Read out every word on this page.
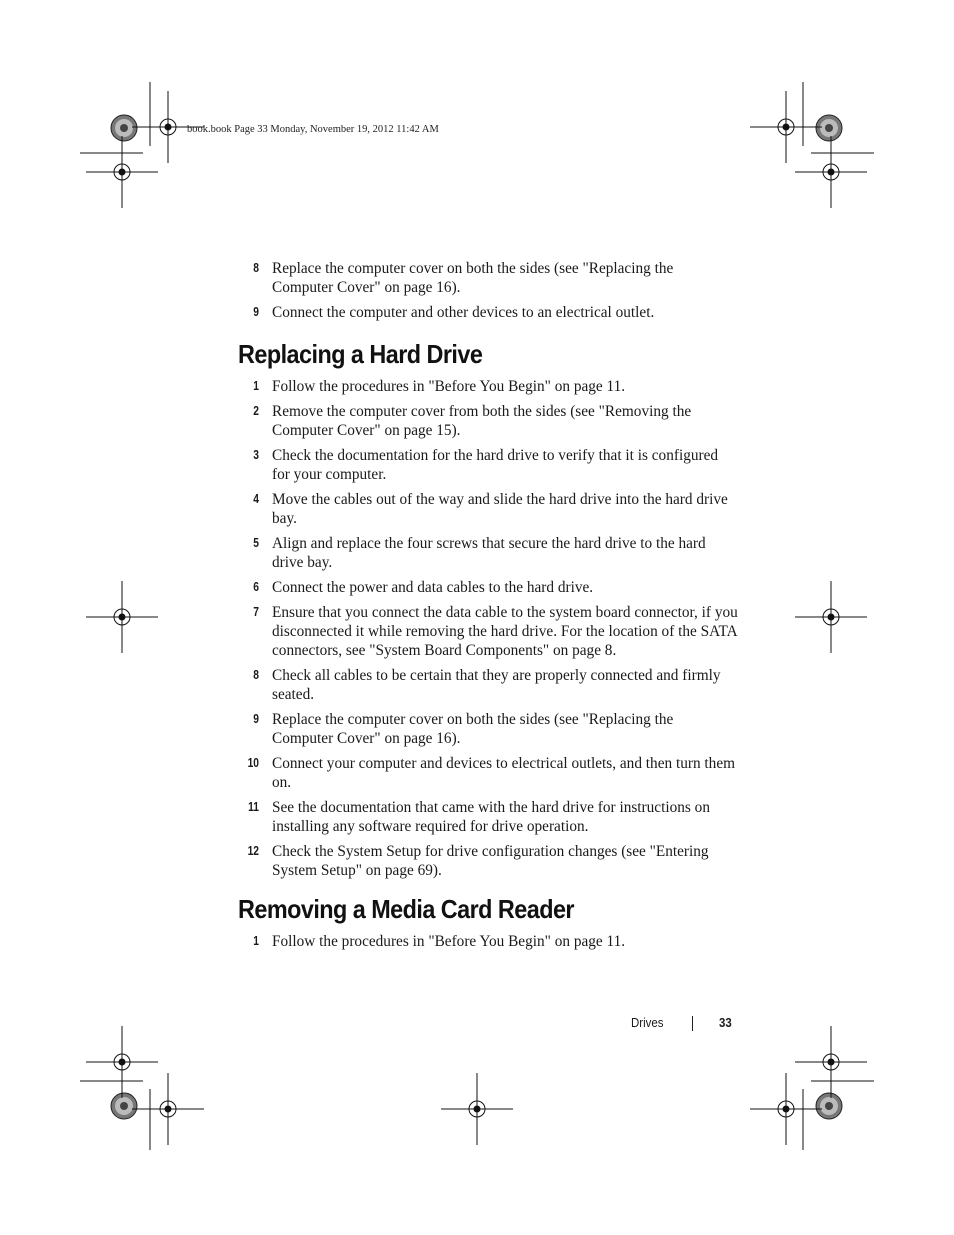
book.book Page 33 Monday, November 19, 2012 11:42 AM
8 Replace the computer cover on both the sides (see "Replacing the Computer Cover" on page 16).
9 Connect the computer and other devices to an electrical outlet.
Replacing a Hard Drive
1 Follow the procedures in "Before You Begin" on page 11.
2 Remove the computer cover from both the sides (see "Removing the Computer Cover" on page 15).
3 Check the documentation for the hard drive to verify that it is configured for your computer.
4 Move the cables out of the way and slide the hard drive into the hard drive bay.
5 Align and replace the four screws that secure the hard drive to the hard drive bay.
6 Connect the power and data cables to the hard drive.
7 Ensure that you connect the data cable to the system board connector, if you disconnected it while removing the hard drive. For the location of the SATA connectors, see "System Board Components" on page 8.
8 Check all cables to be certain that they are properly connected and firmly seated.
9 Replace the computer cover on both the sides (see "Replacing the Computer Cover" on page 16).
10 Connect your computer and devices to electrical outlets, and then turn them on.
11 See the documentation that came with the hard drive for instructions on installing any software required for drive operation.
12 Check the System Setup for drive configuration changes (see "Entering System Setup" on page 69).
Removing a Media Card Reader
1 Follow the procedures in "Before You Begin" on page 11.
Drives	33
